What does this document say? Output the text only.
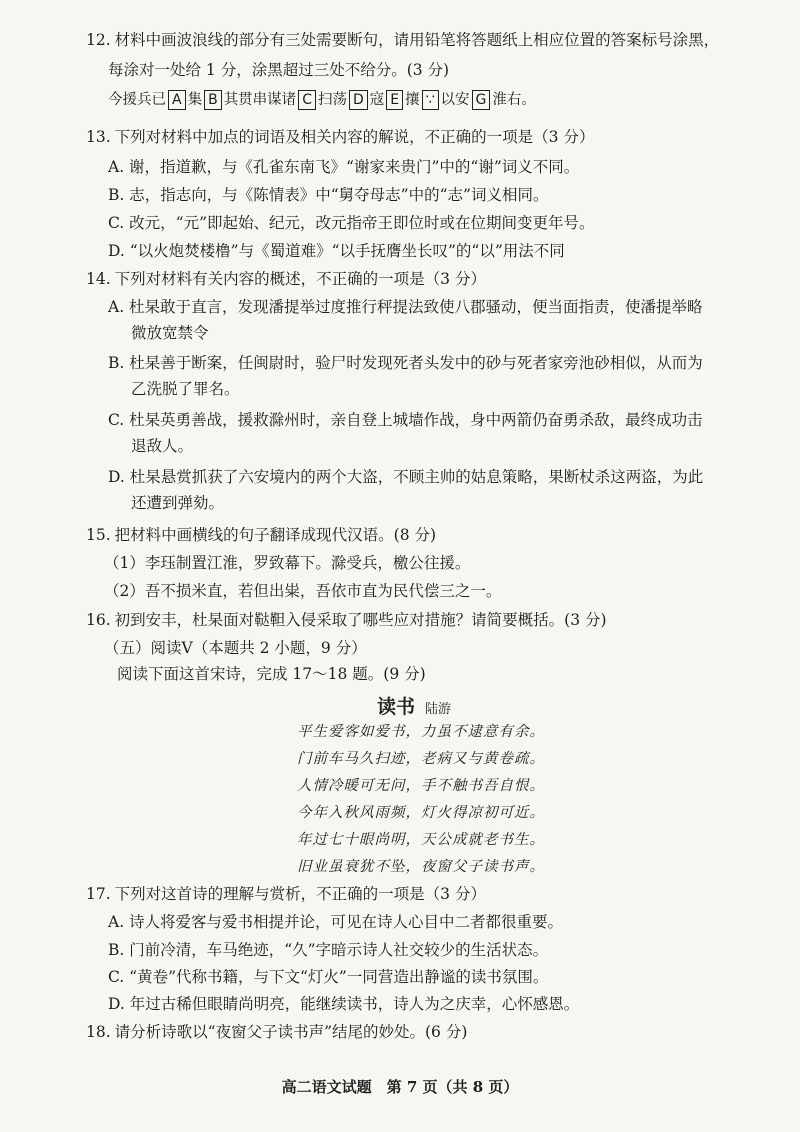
12. 材料中画波浪线的部分有三处需要断句，请用铅笔将答题纸上相应位置的答案标号涂黑，
每涂对一处给 1 分，涂黑超过三处不给分。(3 分)
今援兵已 A 集 B 其贯串谋诸 C 扫荡 D 寇 E 攘 ∵ 以安 G 淮右。
13. 下列对材料中加点的词语及相关内容的解说，不正确的一项是（3 分）
A. 谢，指道歉，与《孔雀东南飞》“谢家来贵门”中的“谢”词义不同。
B. 志，指志向，与《陈情表》中“舅夺母志”中的“志”词义相同。
C. 改元，“元”即起始、纪元，改元指帝王即位时或在位期间变更年号。
D. “以火炮焚楼橹”与《蜀道难》“以手抚膺坐长叹”的“以”用法不同
14. 下列对材料有关内容的概述，不正确的一项是（3 分）
A. 杜杲敢于直言，发现潘提举过度推行秤提法致使八郡骚动，便当面指责，使潘提举略
微放宽禁令
B. 杜杲善于断案，任闽尉时，验尸时发现死者头发中的砂与死者家旁池砂相似，从而为
乙洗脱了罪名。
C. 杜杲英勇善战，援救滁州时，亲自登上城墙作战，身中两箭仍奋勇杀敌，最终成功击
退敌人。
D. 杜杲悬赏抓获了六安境内的两个大盗，不顾主帅的姑息策略，果断杖杀这两盗，为此
还遭到弹劾。
15. 把材料中画横线的句子翻译成现代汉语。(8 分)
（1）李珏制置江淮，罗致幕下。滁受兵，檄公往援。
（2）吾不损米直，若但出粜，吾依市直为民代偿三之一。
16. 初到安丰，杜杲面对鞑靼入侵采取了哪些应对措施？请简要概括。(3 分)
（五）阅读Ⅴ（本题共 2 小题，9 分）
阅读下面这首宋诗，完成 17～18 题。(9 分)
读书 陆游
平生爱客如爱书，力虽不逮意有余。
门前车马久扫迹，老病又与黄卷疏。
人情冷暖可无问，手不触书吾自恨。
今年入秋风雨频，灯火得凉初可近。
年过七十眼尚明，天公成就老书生。
旧业虽衰犹不坠，夜窗父子读书声。
17. 下列对这首诗的理解与赏析，不正确的一项是（3 分）
A. 诗人将爱客与爱书相提并论，可见在诗人心目中二者都很重要。
B. 门前冷清，车马绝迹，“久”字暗示诗人社交较少的生活状态。
C. “黄卷”代称书籍，与下文“灯火”一同营造出静谧的读书氛围。
D. 年过古稀但眼睛尚明亮，能继续读书，诗人为之庆幸，心怀感恩。
18. 请分析诗歌以“夜窗父子读书声”结尾的妙处。(6 分)
高二语文试题　第 7 页（共 8 页）
